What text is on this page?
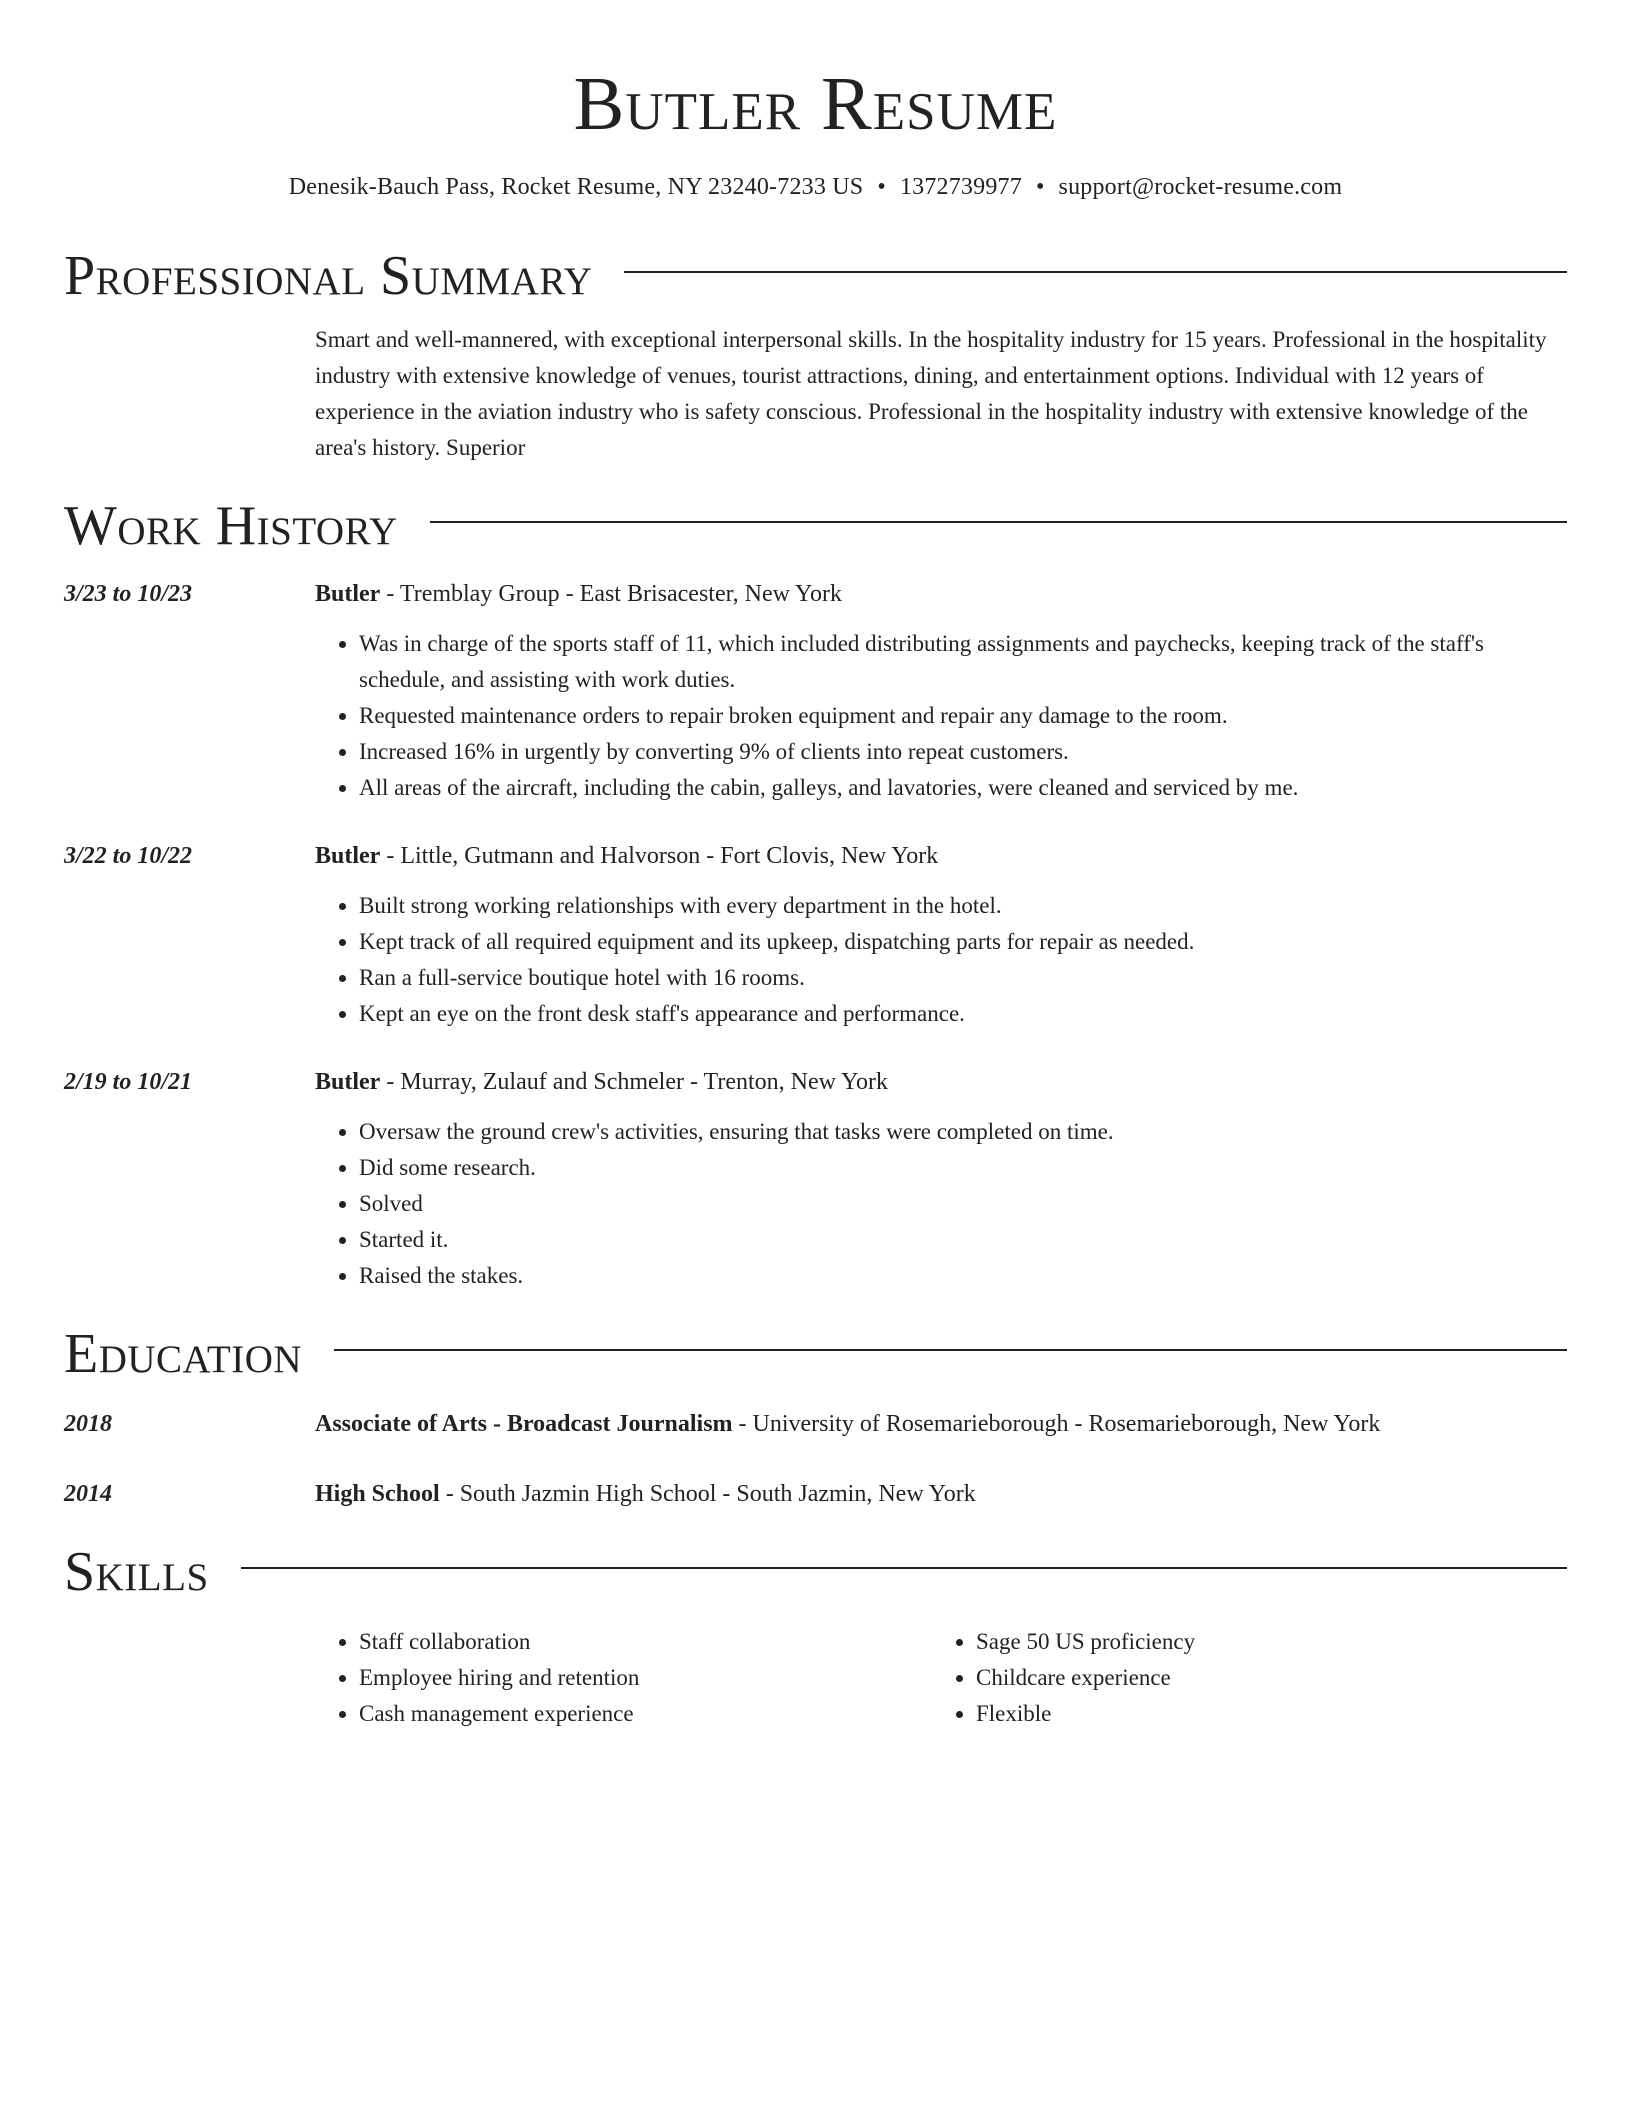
Butler Resume
Denesik-Bauch Pass, Rocket Resume, NY 23240-7233 US • 1372739977 • support@rocket-resume.com
Professional Summary
Smart and well-mannered, with exceptional interpersonal skills. In the hospitality industry for 15 years. Professional in the hospitality industry with extensive knowledge of venues, tourist attractions, dining, and entertainment options. Individual with 12 years of experience in the aviation industry who is safety conscious. Professional in the hospitality industry with extensive knowledge of the area's history. Superior
Work History
3/23 to 10/23	Butler - Tremblay Group - East Brisacester, New York
• Was in charge of the sports staff of 11, which included distributing assignments and paychecks, keeping track of the staff's schedule, and assisting with work duties.
• Requested maintenance orders to repair broken equipment and repair any damage to the room.
• Increased 16% in urgently by converting 9% of clients into repeat customers.
• All areas of the aircraft, including the cabin, galleys, and lavatories, were cleaned and serviced by me.
3/22 to 10/22	Butler - Little, Gutmann and Halvorson - Fort Clovis, New York
• Built strong working relationships with every department in the hotel.
• Kept track of all required equipment and its upkeep, dispatching parts for repair as needed.
• Ran a full-service boutique hotel with 16 rooms.
• Kept an eye on the front desk staff's appearance and performance.
2/19 to 10/21	Butler - Murray, Zulauf and Schmeler - Trenton, New York
• Oversaw the ground crew's activities, ensuring that tasks were completed on time.
• Did some research.
• Solved
• Started it.
• Raised the stakes.
Education
2018	Associate of Arts - Broadcast Journalism - University of Rosemarieborough - Rosemarieborough, New York
2014	High School - South Jazmin High School - South Jazmin, New York
Skills
• Staff collaboration
• Employee hiring and retention
• Cash management experience
• Sage 50 US proficiency
• Childcare experience
• Flexible
